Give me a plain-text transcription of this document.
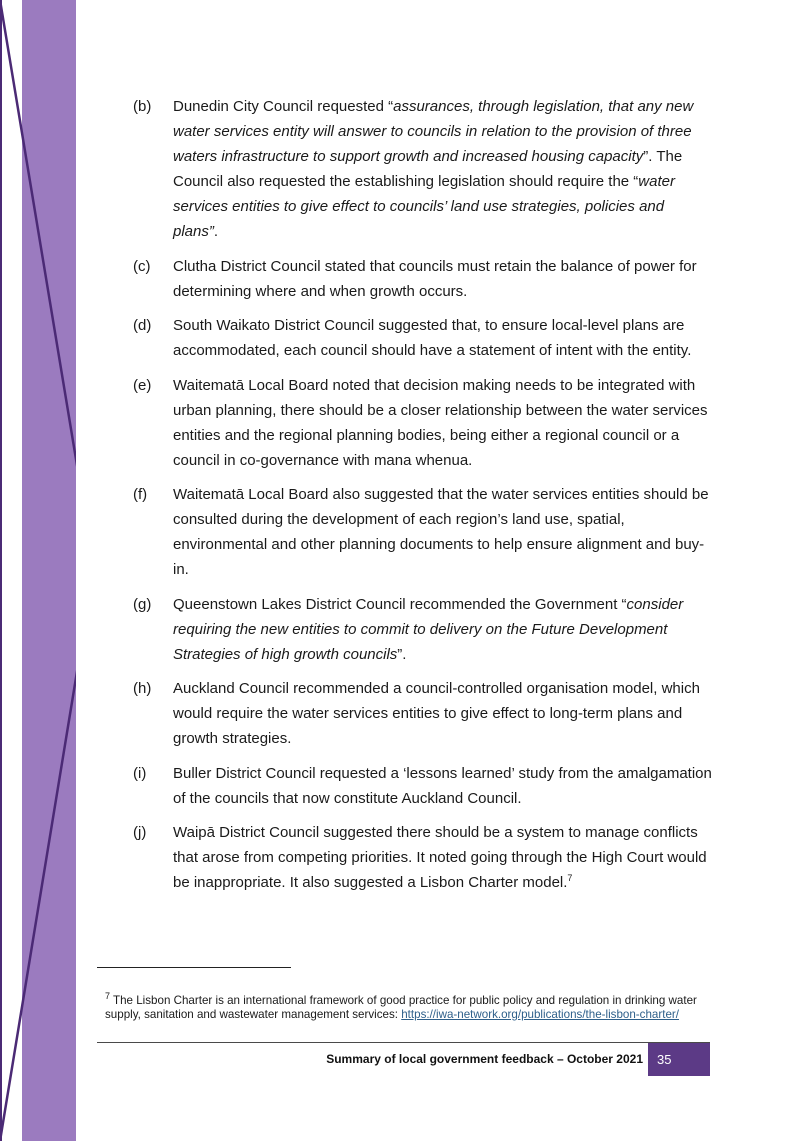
(b) Dunedin City Council requested “assurances, through legislation, that any new water services entity will answer to councils in relation to the provision of three waters infrastructure to support growth and increased housing capacity”. The Council also requested the establishing legislation should require the “water services entities to give effect to councils’ land use strategies, policies and plans”.
(c) Clutha District Council stated that councils must retain the balance of power for determining where and when growth occurs.
(d) South Waikato District Council suggested that, to ensure local-level plans are accommodated, each council should have a statement of intent with the entity.
(e) Waitematā Local Board noted that decision making needs to be integrated with urban planning, there should be a closer relationship between the water services entities and the regional planning bodies, being either a regional council or a council in co-governance with mana whenua.
(f) Waitematā Local Board also suggested that the water services entities should be consulted during the development of each region’s land use, spatial, environmental and other planning documents to help ensure alignment and buy-in.
(g) Queenstown Lakes District Council recommended the Government “consider requiring the new entities to commit to delivery on the Future Development Strategies of high growth councils”.
(h) Auckland Council recommended a council-controlled organisation model, which would require the water services entities to give effect to long-term plans and growth strategies.
(i) Buller District Council requested a ‘lessons learned’ study from the amalgamation of the councils that now constitute Auckland Council.
(j) Waipā District Council suggested there should be a system to manage conflicts that arose from competing priorities. It noted going through the High Court would be inappropriate. It also suggested a Lisbon Charter model.$^7$
$^7$ The Lisbon Charter is an international framework of good practice for public policy and regulation in drinking water supply, sanitation and wastewater management services: https://iwa-network.org/publications/the-lisbon-charter/
Summary of local government feedback – October 2021 35
